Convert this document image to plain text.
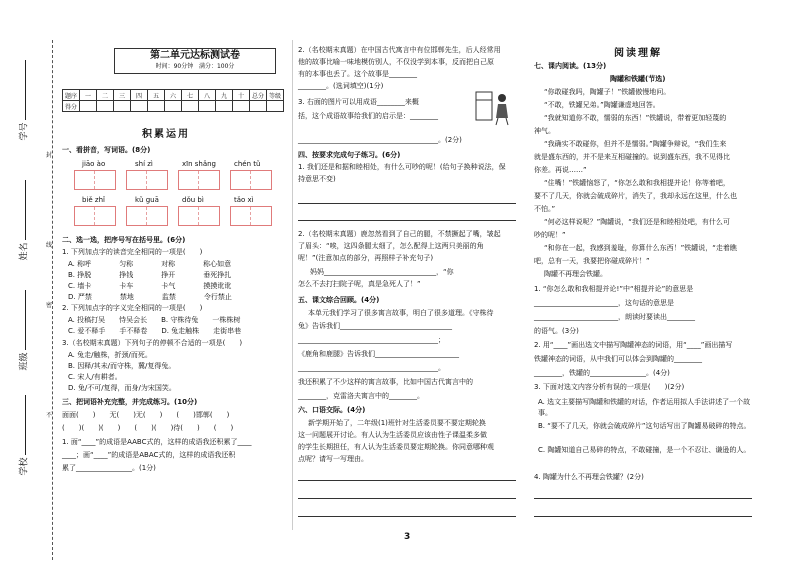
学校
班级
姓名
学号
封
线
密
不
第二单元达标测试卷
时间：90分钟 满分：100分
题序	一	二	三	四	五	六	七	八	九	十	总分	等级
得分												
积累运用
一、看拼音，写词语。(8分)
jiāo ào	shí zì	xīn shǎng	chén tǔ
biě zhǐ	kǔ guā	dǒu bì	tǎo xì
二、选一选，把序号写在括号里。(6分)
1. 下列加点字的读音完全相同的一项是(　　)
A. 称呼　　　　匀称　　　　对称　　　　称心如意
B. 挣脱　　　　挣钱　　　　挣开　　　　垂死挣扎
C. 墙卡　　　　卡车　　　　卡气　　　　摸摸讹讹
D. 严禁　　　　禁地　　　　监禁　　　　令行禁止
2. 下列加点字的字义完全相同的一项是(　　)
A. 投稿打吴　　恃吴会长　　B. 守株待兔　　一株株树
C. 爱不释手　　手不释卷　　D. 兔走触株　　走街串巷
3.（名校期末真题）下列句子的停顿不合适的一项是(　　)
A. 兔走/触株，折颈/而死。
B. 因释/其未/而守株，冀/复得兔。
C. 宋人/有耕者。
D. 兔/不可/复得，而身/为宋国笑。
三、把词语补充完整，并完成练习。(10分)
面面(　　)　　无(　　)无(　　)　　(　　)邯郸(　　)
(　　)(　　)(　　)　　(　　)(　　)待(　　)　　(　　)
1. 面“____”的成语是AABC式的，这样的成语我还积累了____
____；画“____”的成语是ABAC式的，这样的成语我还积
累了________________。(1分)
2.（名校期末真题）在中国古代寓言中有位邯郸先生，后人经常用
他的故事比喻一味地模仿别人，不仅没学到本事，反而把自己原
有的本事也丢了。这个故事是________
________。(选词填空)(1分)
3. 右面的图片可以用成语________来概
括，这个成语故事给我们的启示是：________
________________________________________。(2分)
四、按要求完成句子练习。(6分)
1. 我们还是和据和睦相处，有什么可吵的呢！(给句子换种说法，保
持意思不变)
2.（名校期末真题）鹿忽然看到了自己的腿，不禁撅起了嘴，皱起
了眉头：“唉，这四条腿太细了，怎么配得上这两只美丽的角
呢！”(注意加点的部分，再照样子补充句子)
妈妈________________________________，“你
怎么不去打扫院子呢，真是急死人了！”
五、课文综合回顾。(4分)
本单元我们学习了很多寓言故事，明白了很多道理。《守株待
兔》告诉我们________________________________
________________________________________；
《鹿角和鹿腿》告诉我们________________________
________________________________________。
我还积累了不少这样的寓言故事，比如中国古代寓言中的
________，克雷洛夫寓言中的________。
六、口语交际。(4分)
新学期开始了，二年级(1)班针对生活委员要不要定期轮换
这一问题展开讨论。有人认为生活委员应该由性子课温柔多做
的学生长期担任，有人认为生活委员要定期轮换。你同意哪种观
点呢？请写一写理由。
3
阅读理解
七、课内阅读。(13分)
陶罐和铁罐(节选)
“你敢碰我吗，陶罐子！”铁罐傲慢地问。
“不敢，铁罐兄弟。”陶罐谦虚地回答。
“我就知道你不敢，懦弱的东西！”铁罐说，带着更加轻蔑的
神气。
“我确实不敢碰你，但并不是懦弱。”陶罐争辩说，“我们生来
就是盛东西的，并不是来互相碰撞的。说到盛东西，我不见得比
你差。再说……”
“住嘴！”铁罐恼怒了，“你怎么敢和我相提并论！你等着吧，
要不了几天，你就会破成碎片，消失了，我却永远在这里，什么也
不怕。”
“何必这样说呢？”陶罐说，“我们还是和睦相处吧，有什么可
吵的呢！”
“和你在一起，我感到羞耻，你算什么东西！”铁罐说，“走着瞧
吧，总有一天，我要把你碰成碎片！”
陶罐不再理会铁罐。
1. “你怎么敢和我相提并论!”中“相提并论”的意思是
________________________，这句话的意思是
________________________，朗读时要读出________
的语气。(3分)
2. 用“____”画出选文中描写陶罐神态的词语，用“____”画出描写
铁罐神态的词语，从中我们可以体会到陶罐的________
________，铁罐的________________。(4分)
3. 下面对选文内容分析有误的一项是(　　)(2分)
A. 选文主要描写陶罐和铁罐的对话，作者运用拟人手法讲述了一个故事。
B. “要不了几天，你就会破成碎片”这句话写出了陶罐易破碎的特点。
C. 陶罐知道自己易碎的特点，不敢碰撞，是一个不忍让、谦逊的人。
4. 陶罐为什么不再理会铁罐？(2分)
